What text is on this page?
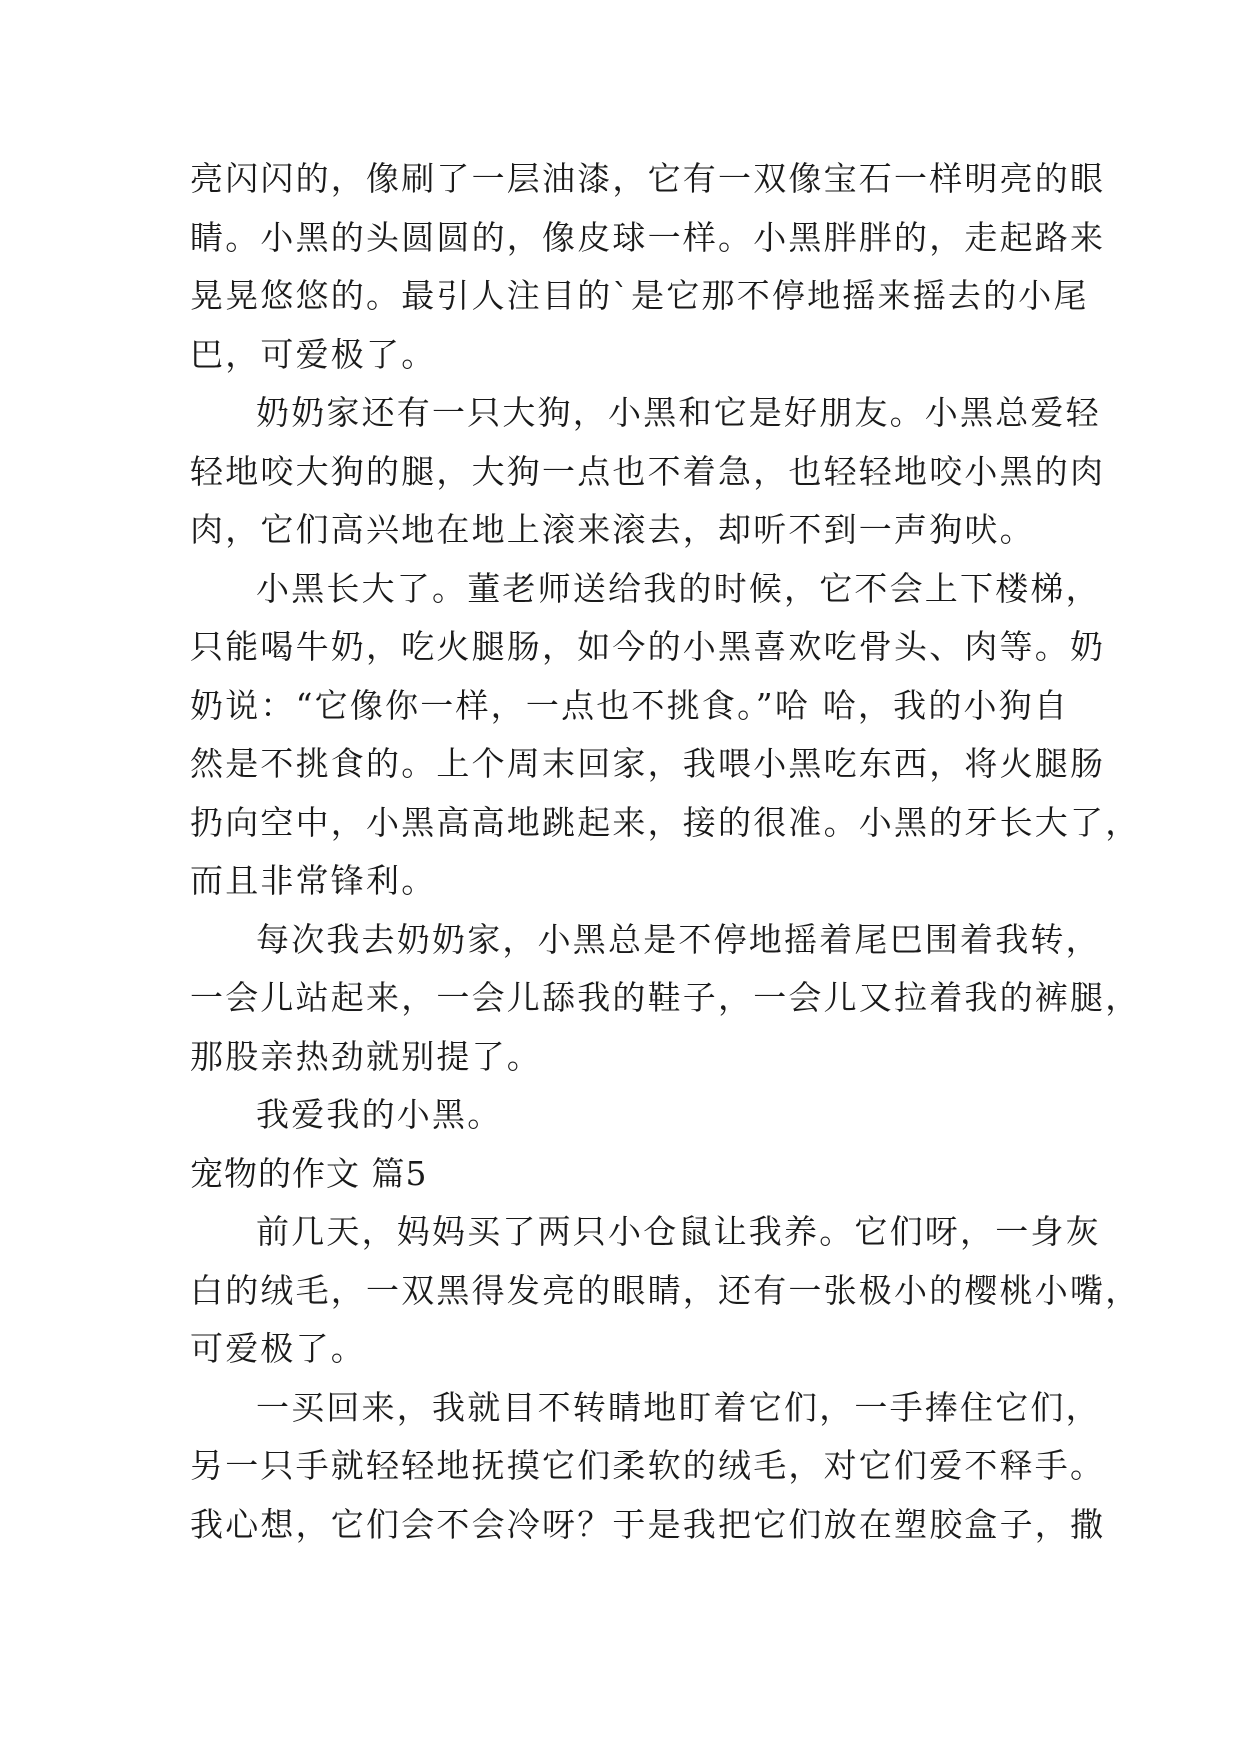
亮闪闪的，像刷了一层油漆，它有一双像宝石一样明亮的眼
睛。小黑的头圆圆的，像皮球一样。小黑胖胖的，走起路来
晃晃悠悠的。最引人注目的`是它那不停地摇来摇去的小尾
巴，可爱极了。
奶奶家还有一只大狗，小黑和它是好朋友。小黑总爱轻
轻地咬大狗的腿，大狗一点也不着急，也轻轻地咬小黑的肉
肉，它们高兴地在地上滚来滚去，却听不到一声狗吠。
小黑长大了。董老师送给我的时候，它不会上下楼梯，
只能喝牛奶，吃火腿肠，如今的小黑喜欢吃骨头、肉等。奶
奶说：“它像你一样，一点也不挑食。”哈 哈，我的小狗自
然是不挑食的。上个周末回家，我喂小黑吃东西，将火腿肠
扔向空中，小黑高高地跳起来，接的很准。小黑的牙长大了，
而且非常锋利。
每次我去奶奶家，小黑总是不停地摇着尾巴围着我转，
一会儿站起来，一会儿舔我的鞋子，一会儿又拉着我的裤腿，
那股亲热劲就别提了。
我爱我的小黑。
宠物的作文 篇5
前几天，妈妈买了两只小仓鼠让我养。它们呀，一身灰
白的绒毛，一双黑得发亮的眼睛，还有一张极小的樱桃小嘴，
可爱极了。
一买回来，我就目不转睛地盯着它们，一手捧住它们，
另一只手就轻轻地抚摸它们柔软的绒毛，对它们爱不释手。
我心想，它们会不会冷呀？于是我把它们放在塑胶盒子，撒
